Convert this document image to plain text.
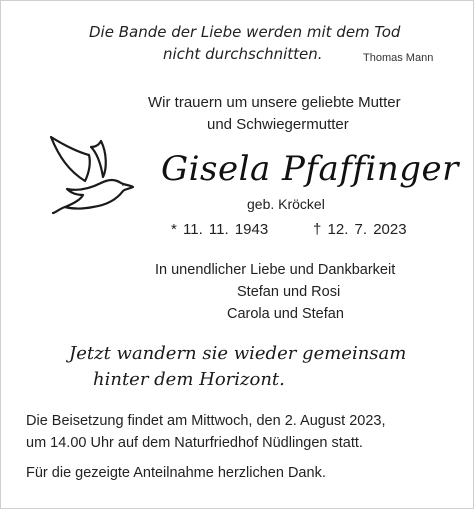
Die Bande der Liebe werden mit dem Tod
nicht durchschnitten.	Thomas Mann
Wir trauern um unsere geliebte Mutter
und Schwiegermutter
Gisela Pfaffinger
geb. Kröckel
* 11. 11. 1943	† 12. 7. 2023
In unendlicher Liebe und Dankbarkeit
Stefan und Rosi
Carola und Stefan
Jetzt wandern sie wieder gemeinsam
hinter dem Horizont.
Die Beisetzung findet am Mittwoch, den 2. August 2023,
um 14.00 Uhr auf dem Naturfriedhof Nüdlingen statt.
Für die gezeigte Anteilnahme herzlichen Dank.
